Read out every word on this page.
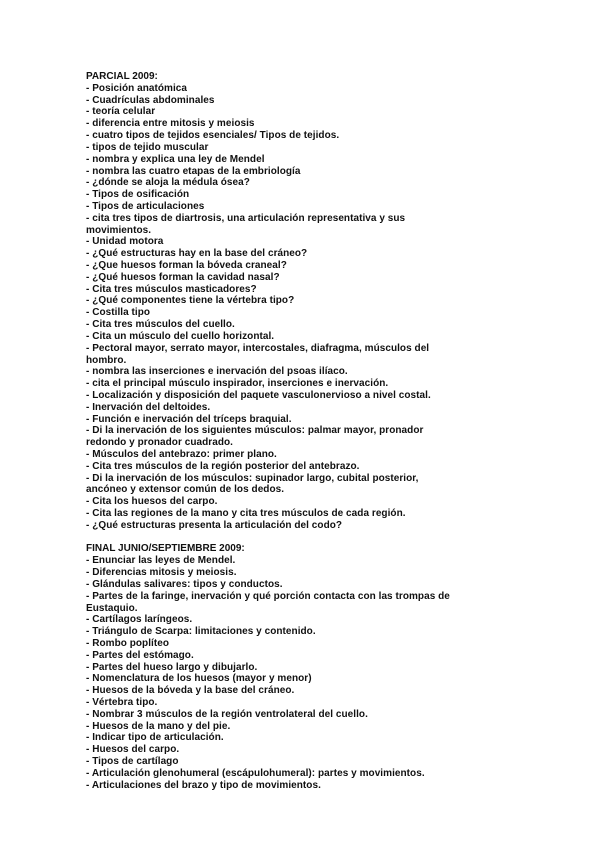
PARCIAL 2009:
- Posición anatómica
- Cuadrículas abdominales
- teoría celular
- diferencia entre mitosis y meiosis
- cuatro tipos de tejidos esenciales/ Tipos de tejidos.
- tipos de tejido muscular
- nombra y explica una ley de Mendel
- nombra las cuatro etapas de la embriología
- ¿dónde se aloja la médula ósea?
- Tipos de osificación
- Tipos de articulaciones
- cita tres tipos de diartrosis, una articulación representativa y sus
movimientos.
- Unidad motora
- ¿Qué estructuras hay en la base del cráneo?
- ¿Que huesos forman la bóveda craneal?
- ¿Qué huesos forman la cavidad nasal?
- Cita tres músculos masticadores?
- ¿Qué componentes tiene la vértebra tipo?
- Costilla tipo
- Cita tres músculos del cuello.
- Cita un músculo del cuello horizontal.
- Pectoral mayor, serrato mayor, intercostales, diafragma, músculos del
hombro.
- nombra las inserciones e inervación del psoas ilíaco.
- cita el principal músculo inspirador, inserciones e inervación.
- Localización y disposición del paquete vasculonervioso a nivel costal.
- Inervación del deltoides.
- Función e inervación del tríceps braquial.
- Di la inervación de los siguientes músculos: palmar mayor, pronador
redondo y pronador cuadrado.
- Músculos del antebrazo: primer plano.
- Cita tres músculos de la región posterior del antebrazo.
- Di la inervación de los músculos: supinador largo, cubital posterior,
ancóneo y extensor común de los dedos.
- Cita los huesos del carpo.
- Cita las regiones de la mano y cita tres músculos de cada región.
- ¿Qué estructuras presenta la articulación del codo?
FINAL JUNIO/SEPTIEMBRE 2009:
- Enunciar las leyes de Mendel.
- Diferencias mitosis y meiosis.
- Glándulas salivares: tipos y conductos.
- Partes de la faringe, inervación y qué porción contacta con las trompas de
Eustaquio.
- Cartílagos laríngeos.
- Triángulo de Scarpa: limitaciones y contenido.
- Rombo poplíteo
- Partes del estómago.
- Partes del hueso largo y dibujarlo.
- Nomenclatura de los huesos (mayor y menor)
- Huesos de la bóveda y la base del cráneo.
- Vértebra tipo.
- Nombrar 3 músculos de la región ventrolateral del cuello.
- Huesos de la mano y del pie.
- Indicar tipo de articulación.
- Huesos del carpo.
- Tipos de cartílago
- Articulación glenohumeral (escápulohumeral): partes y movimientos.
- Articulaciones del brazo y tipo de movimientos.
